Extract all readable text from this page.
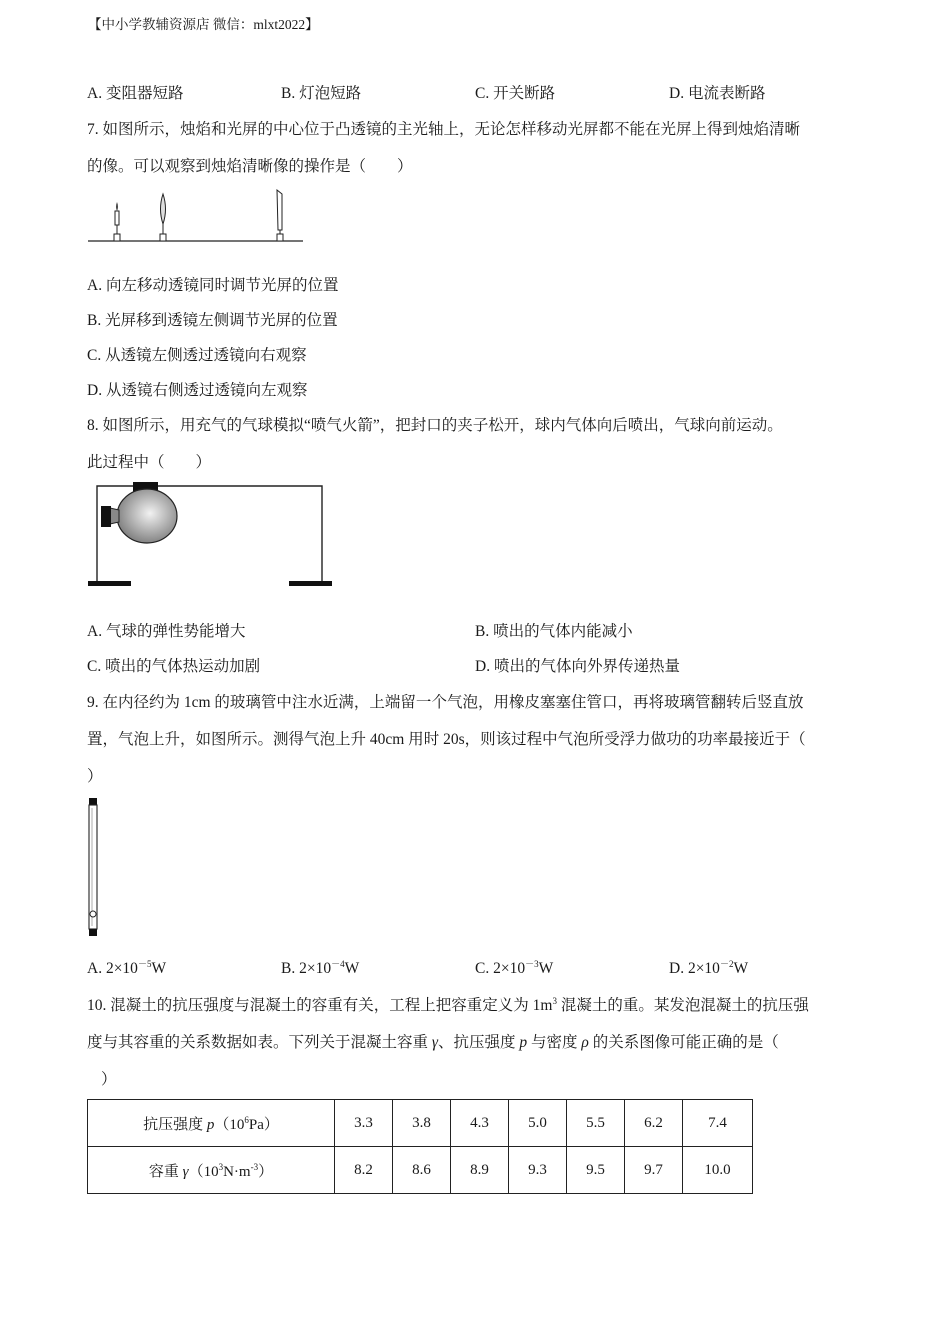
【中小学教辅资源店 微信：mlxt2022】
A. 变阻器短路	B. 灯泡短路	C. 开关断路	D. 电流表断路
7. 如图所示，烛焰和光屏的中心位于凸透镜的主光轴上，无论怎样移动光屏都不能在光屏上得到烛焰清晰
的像。可以观察到烛焰清晰像的操作是（　　）
A. 向左移动透镜同时调节光屏的位置
B. 光屏移到透镜左侧调节光屏的位置
C. 从透镜左侧透过透镜向右观察
D. 从透镜右侧透过透镜向左观察
8. 如图所示，用充气的气球模拟“喷气火箭”，把封口的夹子松开，球内气体向后喷出，气球向前运动。
此过程中（　　）
A. 气球的弹性势能增大	B. 喷出的气体内能减小
C. 喷出的气体热运动加剧	D. 喷出的气体向外界传递热量
9. 在内径约为 1cm 的玻璃管中注水近满，上端留一个气泡，用橡皮塞塞住管口，再将玻璃管翻转后竖直放
置，气泡上升，如图所示。测得气泡上升 40cm 用时 20s，则该过程中气泡所受浮力做功的功率最接近于（
）
A. $2\times 10^{-5}W$	B. $2\times 10^{-4}W$	C. $2\times 10^{-3}W$	D. $2\times 10^{-2}W$
10. 混凝土的抗压强度与混凝土的容重有关，工程上把容重定义为 $1m^3$ 混凝土的重。某发泡混凝土的抗压强
度与其容重的关系数据如表。下列关于混凝土容重 γ、抗压强度 p 与密度 ρ 的关系图像可能正确的是（
）
抗压强度 $p(10^6Pa)$	3.3	3.8	4.3	5.0	5.5	6.2	7.4
容重 $\gamma(10^3N\cdot m^{-3})$	8.2	8.6	8.9	9.3	9.5	9.7	10.0
